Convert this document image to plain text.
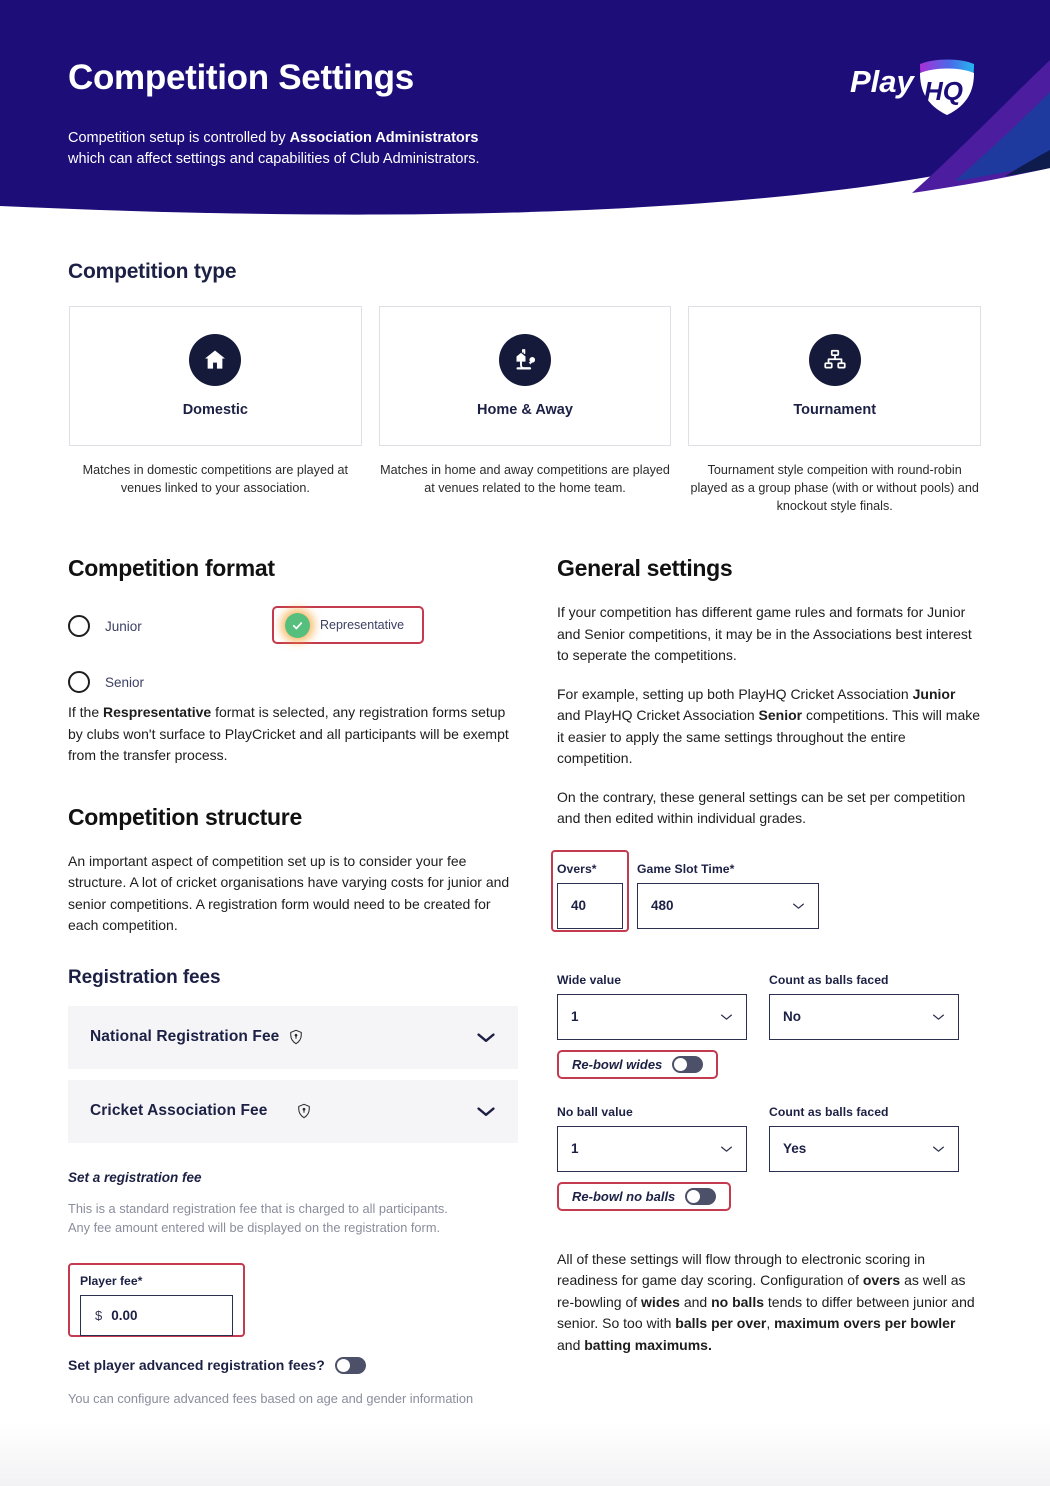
Competition Settings
Competition setup is controlled by Association Administrators
which can affect settings and capabilities of Club Administrators.
Play HQ
Competition type
Domestic	Home & Away	Tournament
Matches in domestic competitions are played at venues linked to your association.
Matches in home and away competitions are played at venues related to the home team.
Tournament style compeition with round-robin played as a group phase (with or without pools) and knockout style finals.
Competition format
Junior
Senior
Representative
If the Respresentative format is selected, any registration forms setup by clubs won't surface to PlayCricket and all participants will be exempt from the transfer process.
Competition structure
An important aspect of competition set up is to consider your fee structure. A lot of cricket organisations have varying costs for junior and senior competitions. A registration form would need to be created for each competition.
Registration fees
National Registration Fee
Cricket Association Fee
Set a registration fee
This is a standard registration fee that is charged to all participants.
Any fee amount entered will be displayed on the registration form.
Player fee*
$ 0.00
Set player advanced registration fees?
You can configure advanced fees based on age and gender information
General settings
If your competition has different game rules and formats for Junior and Senior competitions, it may be in the Associations best interest to seperate the competitions.
For example, setting up both PlayHQ Cricket Association Junior and PlayHQ Cricket Association Senior competitions. This will make it easier to apply the same settings throughout the entire competition.
On the contrary, these general settings can be set per competition and then edited within individual grades.
Overs*
40
Game Slot Time*
480
Wide value
1
Count as balls faced
No
Re-bowl wides
No ball value
1
Count as balls faced
Yes
Re-bowl no balls
All of these settings will flow through to electronic scoring in readiness for game day scoring. Configuration of overs as well as re-bowling of wides and no balls tends to differ between junior and senior. So too with balls per over, maximum overs per bowler and batting maximums.
